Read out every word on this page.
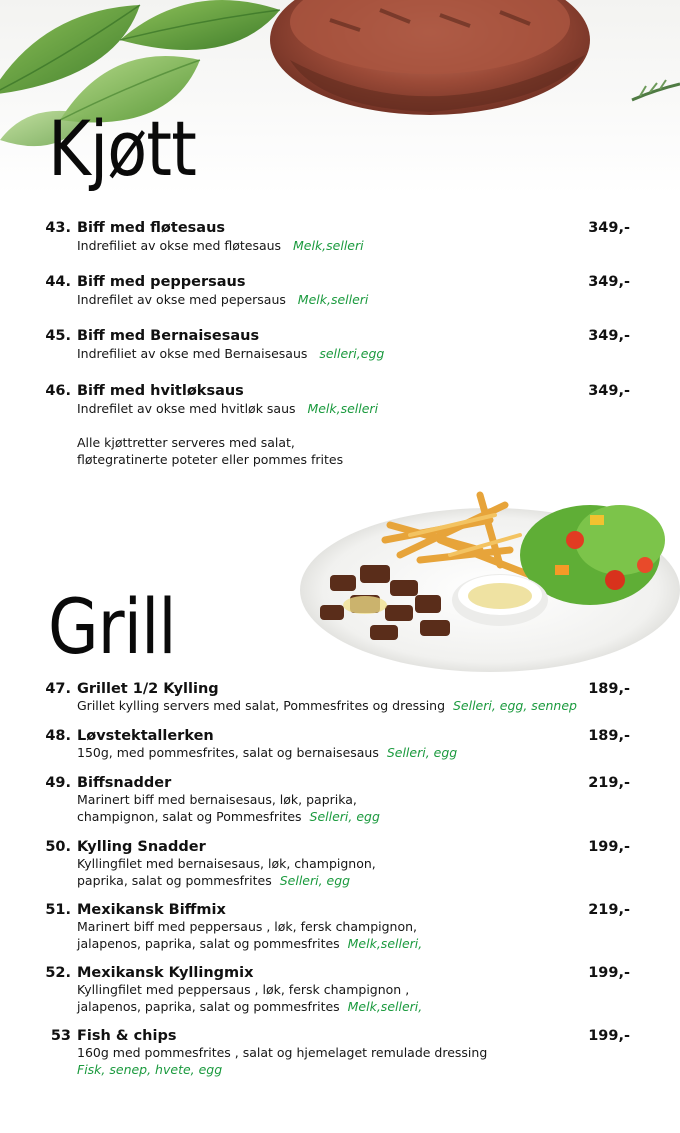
Kjøtt
43. Biff med fløtesaus	349,-
Indrefiliet av okse med fløtesaus Melk,selleri
44. Biff med peppersaus	349,-
Indrefilet av okse med pepersaus Melk,selleri
45. Biff med Bernaisesaus	349,-
Indrefiliet av okse med Bernaisesaus selleri,egg
46. Biff med hvitløksaus	349,-
Indrefilet av okse med hvitløk saus Melk,selleri
Alle kjøttretter serveres med salat,
fløtegratinerte poteter eller pommes frites
Grill
47. Grillet 1/2 Kylling	189,-
Grillet kylling servers med salat, Pommesfrites og dressing Selleri, egg, sennep
48. Løvstektallerken	189,-
150g, med pommesfrites, salat og bernaisesaus Selleri, egg
49. Biffsnadder	219,-
Marinert biff med bernaisesaus, løk, paprika,
champignon, salat og Pommesfrites Selleri, egg
50. Kylling Snadder	199,-
Kyllingfilet med bernaisesaus, løk, champignon,
paprika, salat og pommesfrites Selleri, egg
51. Mexikansk Biffmix	219,-
Marinert biff med peppersaus , løk, fersk champignon,
jalapenos, paprika, salat og pommesfrites Melk,selleri,
52. Mexikansk Kyllingmix	199,-
Kyllingfilet med peppersaus , løk, fersk champignon ,
jalapenos, paprika, salat og pommesfrites Melk,selleri,
53 Fish & chips	199,-
160g med pommesfrites , salat og hjemelaget remulade dressing
Fisk, senep, hvete, egg
